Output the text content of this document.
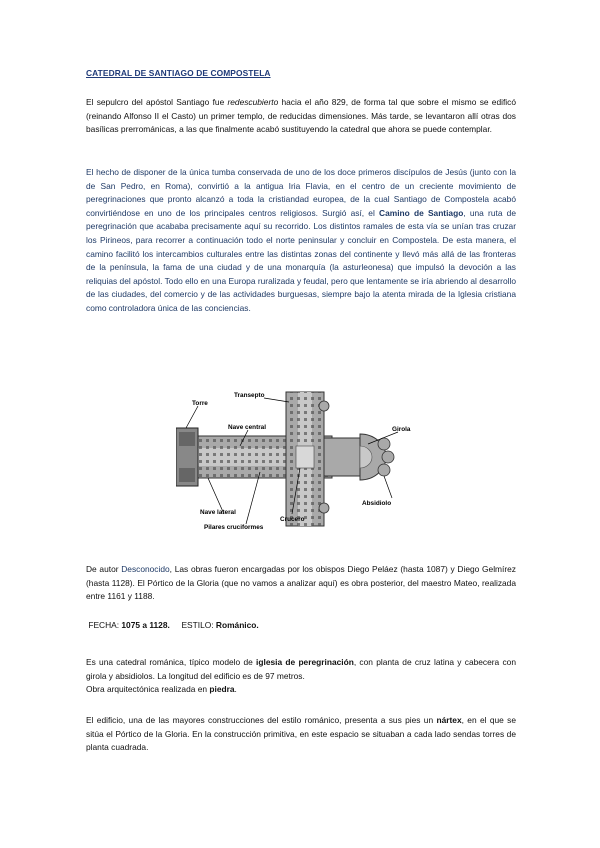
CATEDRAL DE SANTIAGO DE COMPOSTELA

El sepulcro del apóstol Santiago fue redescubierto hacia el año 829, de forma tal que sobre el mismo se edificó (reinando Alfonso II el Casto) un primer templo, de reducidas dimensiones. Más tarde, se levantaron allí otras dos basílicas prerrománicas, a las que finalmente acabó sustituyendo la catedral que ahora se puede contemplar.

El hecho de disponer de la única tumba conservada de uno de los doce primeros discípulos de Jesús (junto con la de San Pedro, en Roma), convirtió a la antigua Iria Flavia, en el centro de un creciente movimiento de peregrinaciones que pronto alcanzó a toda la cristiandad europea, de la cual Santiago de Compostela acabó convirtiéndose en uno de los principales centros religiosos. Surgió así, el Camino de Santiago, una ruta de peregrinación que acababa precisamente aquí su recorrido. Los distintos ramales de esta vía se unían tras cruzar los Pirineos, para recorrer a continuación todo el norte peninsular y concluir en Compostela. De esta manera, el camino facilitó los intercambios culturales entre las distintas zonas del continente y llevó más allá de las fronteras de la península, la fama de una ciudad y de una monarquía (la asturleonesa) que impulsó la devoción a las reliquias del apóstol. Todo ello en una Europa ruralizada y feudal, pero que lentamente se iría abriendo al desarrollo de las ciudades, del comercio y de las actividades burguesas, siempre bajo la atenta mirada de la Iglesia cristiana como controladora única de las conciencias.

De autor Desconocido, Las obras fueron encargadas por los obispos Diego Peláez (hasta 1087) y Diego Gelmírez (hasta 1128). El Pórtico de la Gloria (que no vamos a analizar aquí) es obra posterior, del maestro Mateo, realizada entre 1161 y 1188.

FECHA: 1075 a 1128. ESTILO: Románico.

Es una catedral románica, típico modelo de iglesia de peregrinación, con planta de cruz latina y cabecera con girola y absidiolos. La longitud del edificio es de 97 metros.
Obra arquitectónica realizada en piedra.

El edificio, una de las mayores construcciones del estilo románico, presenta a sus pies un nártex, en el que se sitúa el Pórtico de la Gloria. En la construcción primitiva, en este espacio se situaban a cada lado sendas torres de planta cuadrada.

Torre
Transepto
Nave central	Girola
Nave lateral
Crucero
Absidiolo
Pilares cruciformes
